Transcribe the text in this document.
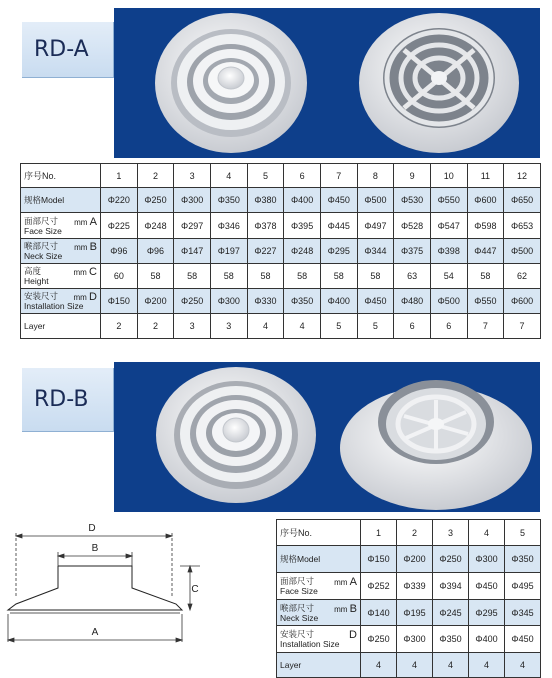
RD-A
序号No.	1	2	3	4	5	6	7	8	9	10	11	12

规格Model	Φ220	Φ250	Φ300	Φ350	Φ380	Φ400	Φ450	Φ500	Φ530	Φ550	Φ600	Φ650

面部尺寸
Face Size
mm A	Φ225	Φ248	Φ297	Φ346	Φ378	Φ395	Φ445	Φ497	Φ528	Φ547	Φ598	Φ653

喉部尺寸
Neck Size
mm B	Φ96	Φ96	Φ147	Φ197	Φ227	Φ248	Φ295	Φ344	Φ375	Φ398	Φ447	Φ500

高度
Height
mm C	60	58	58	58	58	58	58	58	63	54	58	62

安装尺寸
Installation Size
mm D	Φ150	Φ200	Φ250	Φ300	Φ330	Φ350	Φ400	Φ450	Φ480	Φ500	Φ550	Φ600

Layer	2	2	3	3	4	4	5	5	6	6	7	7
RD-B
D
B
C
A
序号No.	1	2	3	4	5

规格Model	Φ150	Φ200	Φ250	Φ300	Φ350

面部尺寸
Face Size
mm A	Φ252	Φ339	Φ394	Φ450	Φ495

喉部尺寸
Neck Size
mm B	Φ140	Φ195	Φ245	Φ295	Φ345

安装尺寸
Installation Size
D	Φ250	Φ300	Φ350	Φ400	Φ450

Layer	4	4	4	4	4
